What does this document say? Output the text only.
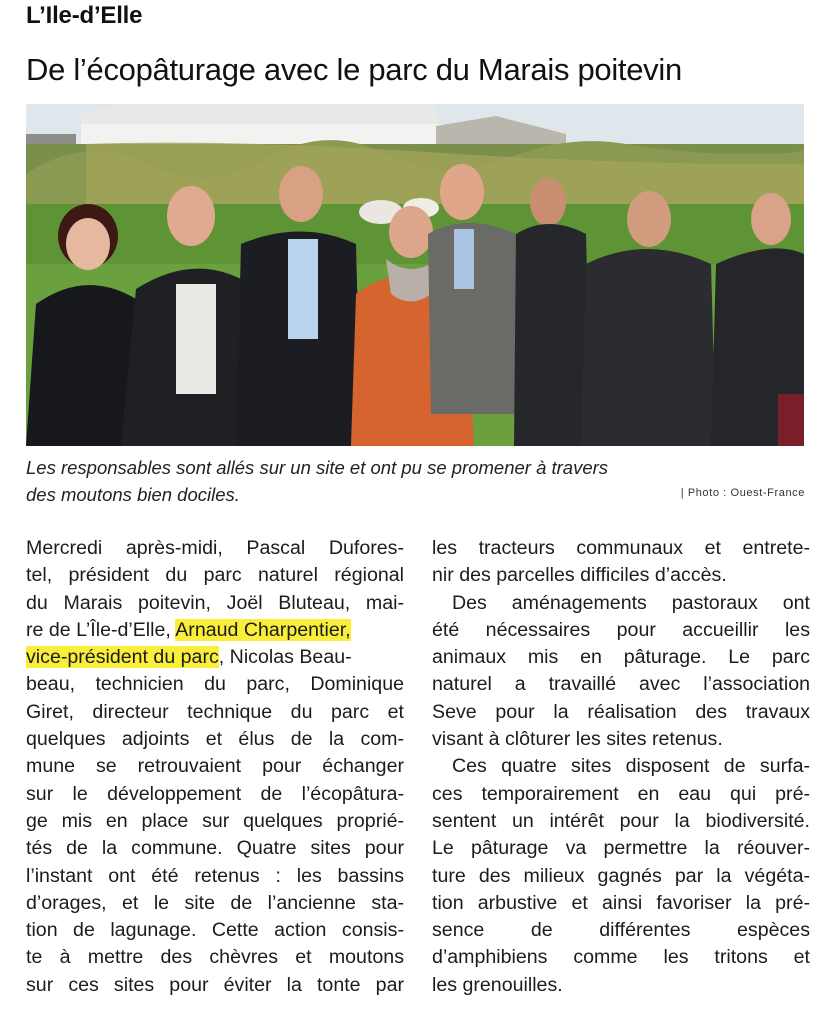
L’Ile-d’Elle
De l’écopâturage avec le parc du Marais poitevin
Les responsables sont allés sur un site et ont pu se promener à travers
des moutons bien dociles.	| Photo : Ouest-France
Mercredi après-midi, Pascal Dufores-
tel, président du parc naturel régional
du Marais poitevin, Joël Bluteau, mai-
re de L’Île-d’Elle, Arnaud Charpentier,
vice-président du parc, Nicolas Beau-
beau, technicien du parc, Dominique
Giret, directeur technique du parc et
quelques adjoints et élus de la com-
mune se retrouvaient pour échanger
sur le développement de l’écopâtura-
ge mis en place sur quelques proprié-
tés de la commune. Quatre sites pour
l’instant ont été retenus : les bassins
d’orages, et le site de l’ancienne sta-
tion de lagunage. Cette action consis-
te à mettre des chèvres et moutons
sur ces sites pour éviter la tonte par
les tracteurs communaux et entrete-
nir des parcelles difficiles d’accès.
Des aménagements pastoraux ont
été nécessaires pour accueillir les
animaux mis en pâturage. Le parc
naturel a travaillé avec l’association
Seve pour la réalisation des travaux
visant à clôturer les sites retenus.
Ces quatre sites disposent de surfa-
ces temporairement en eau qui pré-
sentent un intérêt pour la biodiversité.
Le pâturage va permettre la réouver-
ture des milieux gagnés par la végéta-
tion arbustive et ainsi favoriser la pré-
sence de différentes espèces
d’amphibiens comme les tritons et
les grenouilles.
